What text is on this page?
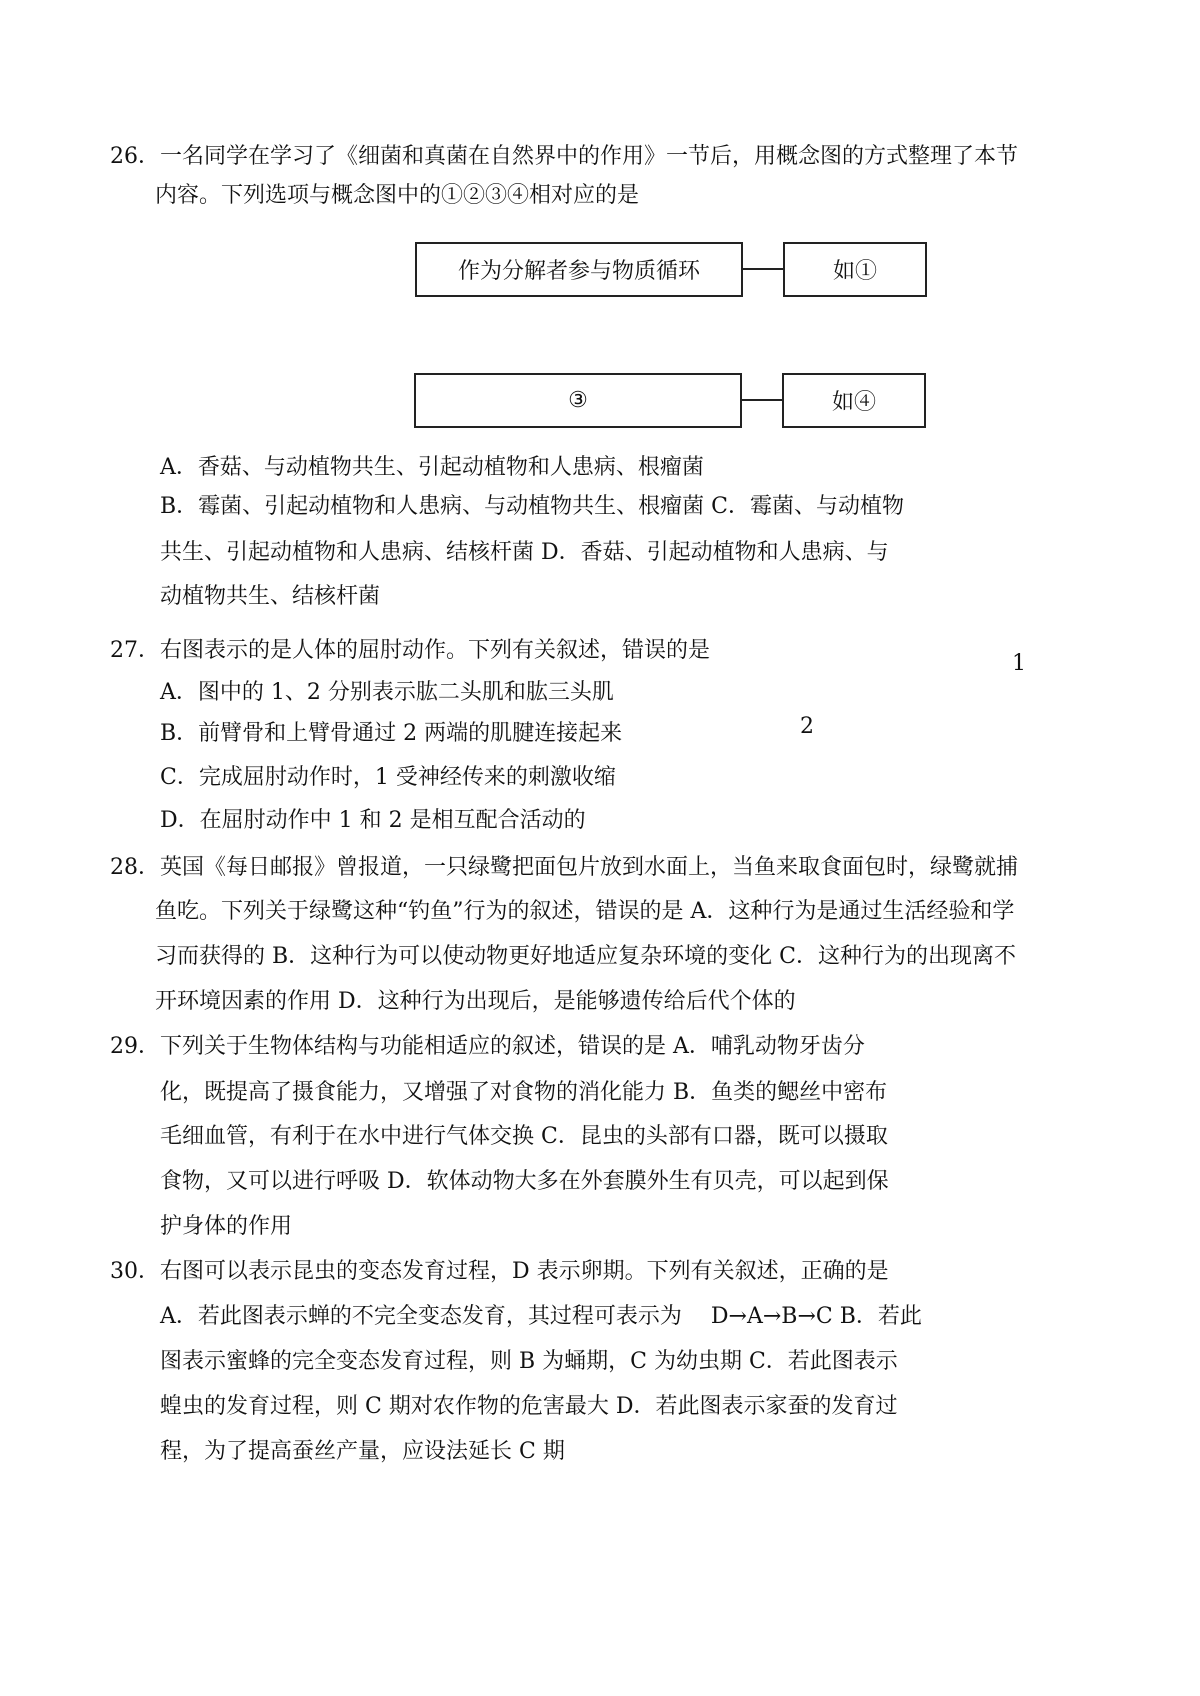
26．一名同学在学习了《细菌和真菌在自然界中的作用》一节后，用概念图的方式整理了本节
内容。下列选项与概念图中的①②③④相对应的是
作为分解者参与物质循环	如①
③	如④
A．香菇、与动植物共生、引起动植物和人患病、根瘤菌
B．霉菌、引起动植物和人患病、与动植物共生、根瘤菌 C．霉菌、与动植物
共生、引起动植物和人患病、结核杆菌 D．香菇、引起动植物和人患病、与
动植物共生、结核杆菌
27．右图表示的是人体的屈肘动作。下列有关叙述，错误的是
A．图中的 1、2 分别表示肱二头肌和肱三头肌
B．前臂骨和上臂骨通过 2 两端的肌腱连接起来
C．完成屈肘动作时，1 受神经传来的刺激收缩
D．在屈肘动作中 1 和 2 是相互配合活动的
1
2
28．英国《每日邮报》曾报道，一只绿鹭把面包片放到水面上，当鱼来取食面包时，绿鹭就捕
鱼吃。下列关于绿鹭这种“钓鱼”行为的叙述，错误的是 A．这种行为是通过生活经验和学
习而获得的 B．这种行为可以使动物更好地适应复杂环境的变化 C．这种行为的出现离不
开环境因素的作用 D．这种行为出现后，是能够遗传给后代个体的
29．下列关于生物体结构与功能相适应的叙述，错误的是 A．哺乳动物牙齿分
化，既提高了摄食能力，又增强了对食物的消化能力 B．鱼类的鳃丝中密布
毛细血管，有利于在水中进行气体交换 C．昆虫的头部有口器，既可以摄取
食物，又可以进行呼吸 D．软体动物大多在外套膜外生有贝壳，可以起到保
护身体的作用
30．右图可以表示昆虫的变态发育过程，D 表示卵期。下列有关叙述，正确的是
A．若此图表示蝉的不完全变态发育，其过程可表示为　 D→A→B→C B．若此
图表示蜜蜂的完全变态发育过程，则 B 为蛹期，C 为幼虫期 C．若此图表示
蝗虫的发育过程，则 C 期对农作物的危害最大 D．若此图表示家蚕的发育过
程，为了提高蚕丝产量，应设法延长 C 期
